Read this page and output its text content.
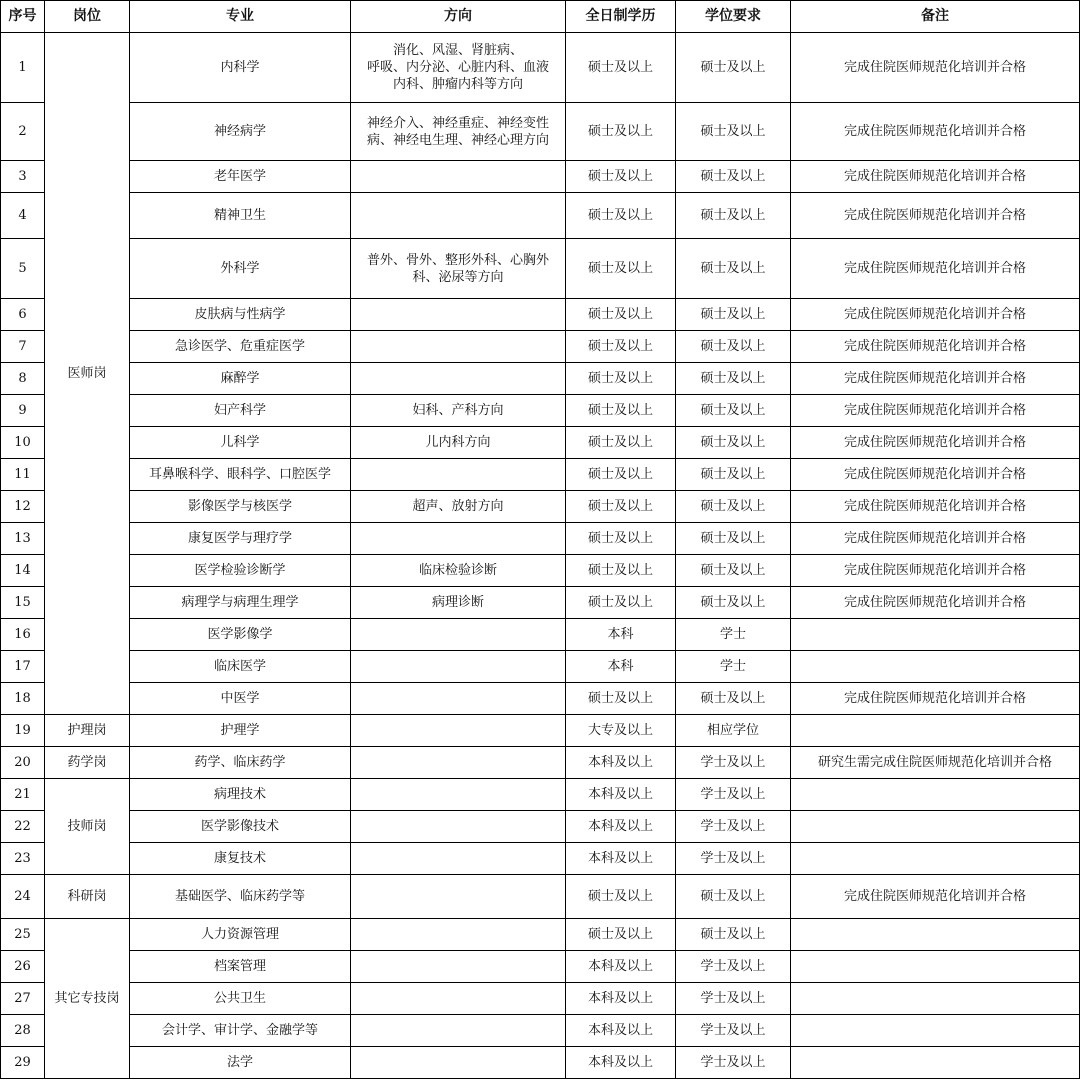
序号	岗位	专业	方向	全日制学历	学位要求	备注
1	医师岗	内科学	消化、风湿、肾脏病、
呼吸、内分泌、心脏内科、血液
内科、肿瘤内科等方向	硕士及以上	硕士及以上	完成住院医师规范化培训并合格
2		神经病学	神经介入、神经重症、神经变性
病、神经电生理、神经心理方向	硕士及以上	硕士及以上	完成住院医师规范化培训并合格
3		老年医学		硕士及以上	硕士及以上	完成住院医师规范化培训并合格
4		精神卫生		硕士及以上	硕士及以上	完成住院医师规范化培训并合格
5		外科学	普外、骨外、整形外科、心胸外
科、泌尿等方向	硕士及以上	硕士及以上	完成住院医师规范化培训并合格
6		皮肤病与性病学		硕士及以上	硕士及以上	完成住院医师规范化培训并合格
7		急诊医学、危重症医学		硕士及以上	硕士及以上	完成住院医师规范化培训并合格
8		麻醉学		硕士及以上	硕士及以上	完成住院医师规范化培训并合格
9		妇产科学	妇科、产科方向	硕士及以上	硕士及以上	完成住院医师规范化培训并合格
10		儿科学	儿内科方向	硕士及以上	硕士及以上	完成住院医师规范化培训并合格
11		耳鼻喉科学、眼科学、口腔医学		硕士及以上	硕士及以上	完成住院医师规范化培训并合格
12		影像医学与核医学	超声、放射方向	硕士及以上	硕士及以上	完成住院医师规范化培训并合格
13		康复医学与理疗学		硕士及以上	硕士及以上	完成住院医师规范化培训并合格
14		医学检验诊断学	临床检验诊断	硕士及以上	硕士及以上	完成住院医师规范化培训并合格
15		病理学与病理生理学	病理诊断	硕士及以上	硕士及以上	完成住院医师规范化培训并合格
16		医学影像学		本科	学士	
17		临床医学		本科	学士	
18		中医学		硕士及以上	硕士及以上	完成住院医师规范化培训并合格
19	护理岗	护理学		大专及以上	相应学位	
20	药学岗	药学、临床药学		本科及以上	学士及以上	研究生需完成住院医师规范化培训并合格
21	技师岗	病理技术		本科及以上	学士及以上	
22		医学影像技术		本科及以上	学士及以上	
23		康复技术		本科及以上	学士及以上	
24	科研岗	基础医学、临床药学等		硕士及以上	硕士及以上	完成住院医师规范化培训并合格
25	其它专技岗	人力资源管理		硕士及以上	硕士及以上	
26		档案管理		本科及以上	学士及以上	
27		公共卫生		本科及以上	学士及以上	
28		会计学、审计学、金融学等		本科及以上	学士及以上	
29		法学		本科及以上	学士及以上	
